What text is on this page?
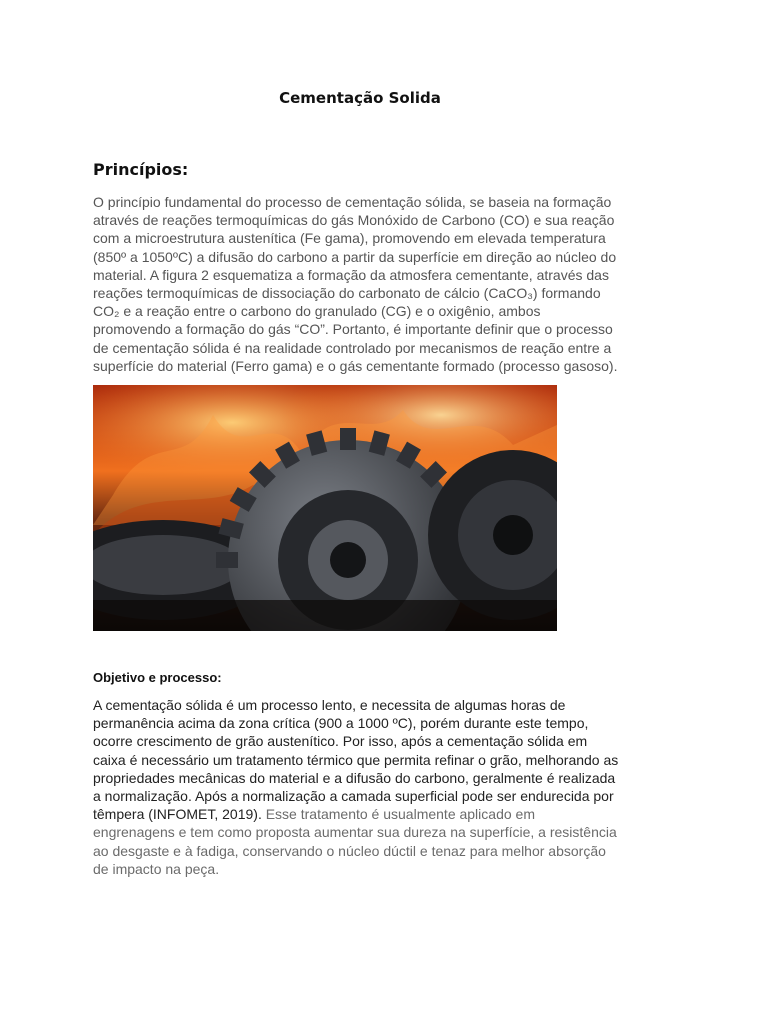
Cementação Solida
Princípios:

O princípio fundamental do processo de cementação sólida, se baseia na formação
através de reações termoquímicas do gás Monóxido de Carbono (CO) e sua reação
com a microestrutura austenítica (Fe gama), promovendo em elevada temperatura
(850º a 1050ºC) a difusão do carbono a partir da superfície em direção ao núcleo do
material. A figura 2 esquematiza a formação da atmosfera cementante, através das
reações termoquímicas de dissociação do carbonato de cálcio (CaCO₃) formando
CO₂ e a reação entre o carbono do granulado (CG) e o oxigênio, ambos
promovendo a formação do gás “CO”. Portanto, é importante definir que o processo
de cementação sólida é na realidade controlado por mecanismos de reação entre a
superfície do material (Ferro gama) e o gás cementante formado (processo gasoso).

Objetivo e processo:

A cementação sólida é um processo lento, e necessita de algumas horas de
permanência acima da zona crítica (900 a 1000 ºC), porém durante este tempo,
ocorre crescimento de grão austenítico. Por isso, após a cementação sólida em
caixa é necessário um tratamento térmico que permita refinar o grão, melhorando as
propriedades mecânicas do material e a difusão do carbono, geralmente é realizada
a normalização. Após a normalização a camada superficial pode ser endurecida por
têmpera (INFOMET, 2019). Esse tratamento é usualmente aplicado em
engrenagens e tem como proposta aumentar sua dureza na superfície, a resistência
ao desgaste e à fadiga, conservando o núcleo dúctil e tenaz para melhor absorção
de impacto na peça.
